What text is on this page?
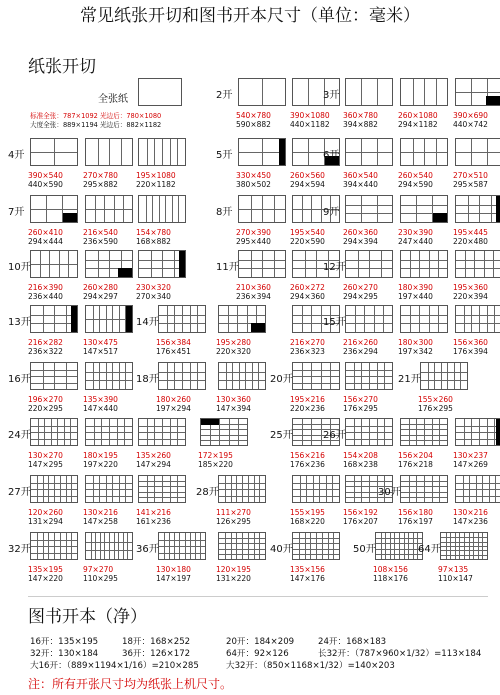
常见纸张开切和图书开本尺寸（单位：毫米）
纸张开切
全张纸
标准全张：787×1092 光边后：780×1080
大度全张：889×1194 光边后：882×1182
2开
540×780
590×882
390×1080
440×1182
3开
360×780
394×882
260×1080
294×1182
390×690
440×742
4开
390×540
440×590
270×780
295×882
195×1080
220×1182
5开
330×450
380×502
260×560
294×594
6开
360×540
394×440
260×540
294×590
270×510
295×587
7开
260×410
294×444
216×540
236×590
154×780
168×882
8开
270×390
295×440
195×540
220×590
9开
260×360
294×394
230×390
247×440
195×445
220×480
10开
216×390
236×440
260×280
294×297
230×320
270×340
11开
210×360
236×394
260×272
294×360
12开
260×270
294×295
180×390
197×440
195×360
220×394
13开
216×282
236×322
130×475
147×517
14开
156×384
176×451
195×280
220×320
216×270
236×323
15开
216×260
236×294
180×300
197×342
156×360
176×394
16开
196×270
220×295
135×390
147×440
18开
180×260
197×294
130×360
147×394
20开
195×216
220×236
156×270
176×295
21开
155×260
176×295
24开
130×270
147×295
180×195
197×220
135×260
147×294
172×195
185×220
25开
156×216
176×236
26开
154×208
168×238
156×204
176×218
130×237
147×269
27开
120×260
131×294
130×216
147×258
141×216
161×236
28开
111×270
126×295
155×195
168×220
156×192
176×207
30开
156×180
176×197
130×216
147×236
32开
135×195
147×220
97×270
110×295
36开
130×180
147×197
120×195
131×220
40开
135×156
147×176
50开
108×156
118×176
64开
97×135
110×147
图书开本（净）
16开：135×195	18开：168×252	20开：184×209	24开：168×183
32开：130×184	36开：126×172	64开：92×126	长32开：（787×960×1/32）=113×184
大16开：（889×1194×1/16）=210×285	大32开：（850×1168×1/32）=140×203
注：所有开张尺寸均为纸张上机尺寸。
